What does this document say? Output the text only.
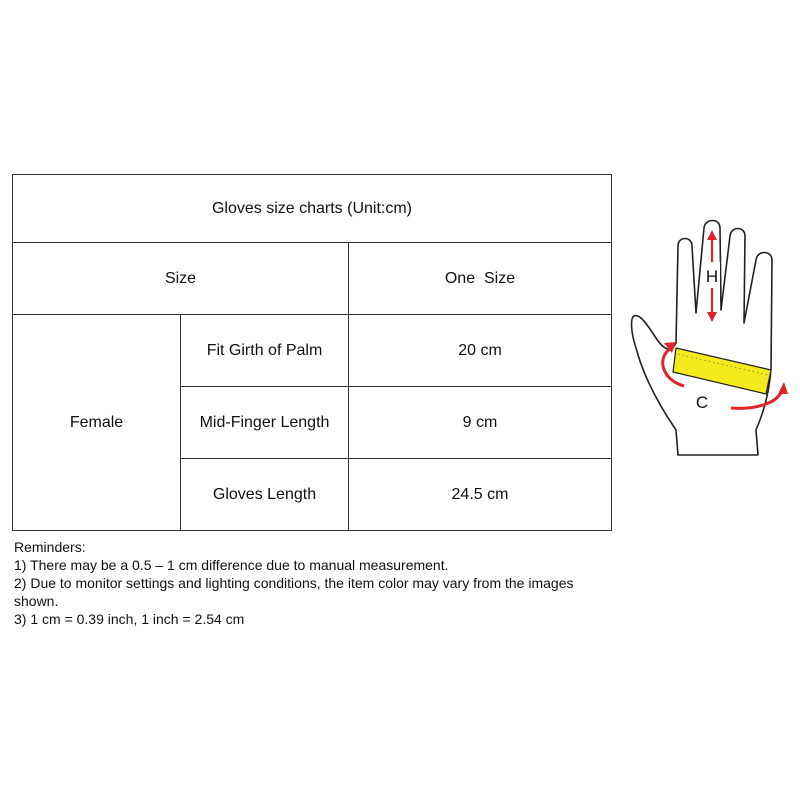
Gloves size charts (Unit:cm)		
Size		One  Size
Female	Fit Girth of Palm	20 cm
	Mid-Finger Length	9 cm
	Gloves Length	24.5 cm
Reminders:
1) There may be a 0.5 – 1 cm difference due to manual measurement.
2) Due to monitor settings and lighting conditions, the item color may vary from the images shown.
3) 1 cm = 0.39 inch, 1 inch = 2.54 cm
H
C
